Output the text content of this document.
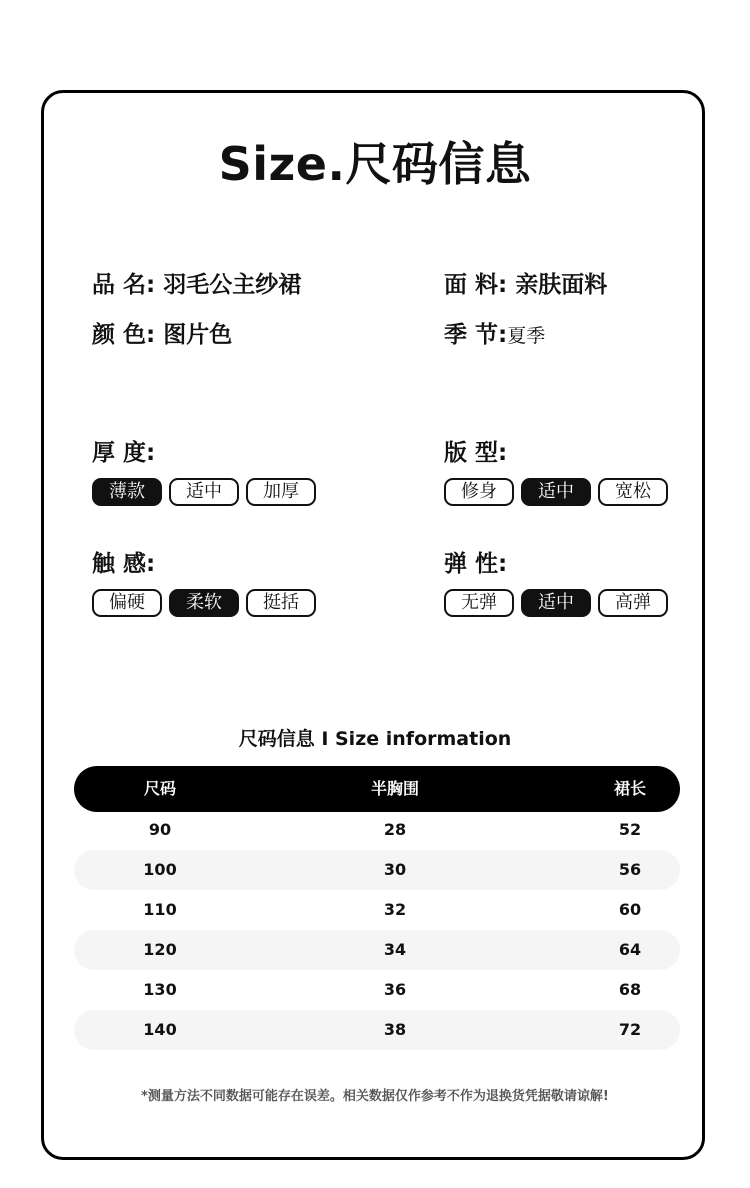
Size.尺码信息
品 名: 羽毛公主纱裙	面 料: 亲肤面料
颜 色: 图片色	季 节:夏季
厚 度:
薄款	适中	加厚
版 型:
修身	适中	宽松
触 感:
偏硬	柔软	挺括
弹 性:
无弹	适中	高弹
尺码信息 I Size information
尺码	半胸围	裙长
90	28	52
100	30	56
110	32	60
120	34	64
130	36	68
140	38	72
*测量方法不同数据可能存在误差。相关数据仅作参考不作为退换货凭据敬请谅解!
